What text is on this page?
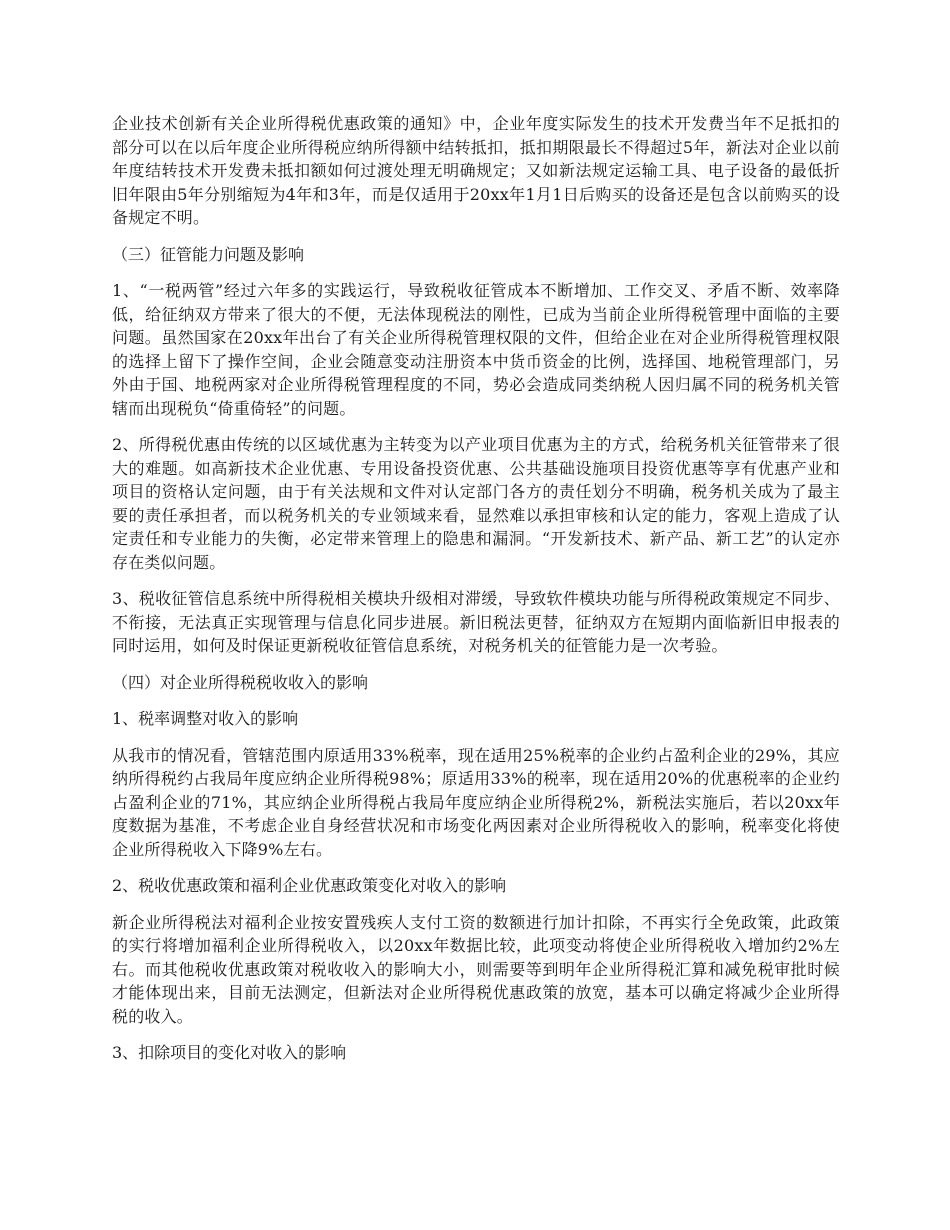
企业技术创新有关企业所得税优惠政策的通知》中，企业年度实际发生的技术开发费当年不足抵扣的部分可以在以后年度企业所得税应纳所得额中结转抵扣，抵扣期限最长不得超过5年，新法对企业以前年度结转技术开发费未抵扣额如何过渡处理无明确规定；又如新法规定运输工具、电子设备的最低折旧年限由5年分别缩短为4年和3年，而是仅适用于20xx年1月1日后购买的设备还是包含以前购买的设备规定不明。

（三）征管能力问题及影响

1、“一税两管”经过六年多的实践运行，导致税收征管成本不断增加、工作交叉、矛盾不断、效率降低，给征纳双方带来了很大的不便，无法体现税法的刚性，已成为当前企业所得税管理中面临的主要问题。虽然国家在20xx年出台了有关企业所得税管理权限的文件，但给企业在对企业所得税管理权限的选择上留下了操作空间，企业会随意变动注册资本中货币资金的比例，选择国、地税管理部门，另外由于国、地税两家对企业所得税管理程度的不同，势必会造成同类纳税人因归属不同的税务机关管辖而出现税负“倚重倚轻”的问题。

2、所得税优惠由传统的以区域优惠为主转变为以产业项目优惠为主的方式，给税务机关征管带来了很大的难题。如高新技术企业优惠、专用设备投资优惠、公共基础设施项目投资优惠等享有优惠产业和项目的资格认定问题，由于有关法规和文件对认定部门各方的责任划分不明确，税务机关成为了最主要的责任承担者，而以税务机关的专业领域来看，显然难以承担审核和认定的能力，客观上造成了认定责任和专业能力的失衡，必定带来管理上的隐患和漏洞。“开发新技术、新产品、新工艺”的认定亦存在类似问题。

3、税收征管信息系统中所得税相关模块升级相对滞缓，导致软件模块功能与所得税政策规定不同步、不衔接，无法真正实现管理与信息化同步进展。新旧税法更替，征纳双方在短期内面临新旧申报表的同时运用，如何及时保证更新税收征管信息系统，对税务机关的征管能力是一次考验。

（四）对企业所得税税收收入的影响

1、税率调整对收入的影响

从我市的情况看，管辖范围内原适用33%税率，现在适用25%税率的企业约占盈利企业的29%，其应纳所得税约占我局年度应纳企业所得税98%；原适用33%的税率，现在适用20%的优惠税率的企业约占盈利企业的71%，其应纳企业所得税占我局年度应纳企业所得税2%，新税法实施后，若以20xx年度数据为基准，不考虑企业自身经营状况和市场变化两因素对企业所得税收入的影响，税率变化将使企业所得税收入下降9%左右。

2、税收优惠政策和福利企业优惠政策变化对收入的影响

新企业所得税法对福利企业按安置残疾人支付工资的数额进行加计扣除，不再实行全免政策，此政策的实行将增加福利企业所得税收入，以20xx年数据比较，此项变动将使企业所得税收入增加约2%左右。而其他税收优惠政策对税收收入的影响大小，则需要等到明年企业所得税汇算和减免税审批时候才能体现出来，目前无法测定，但新法对企业所得税优惠政策的放宽，基本可以确定将减少企业所得税的收入。

3、扣除项目的变化对收入的影响
